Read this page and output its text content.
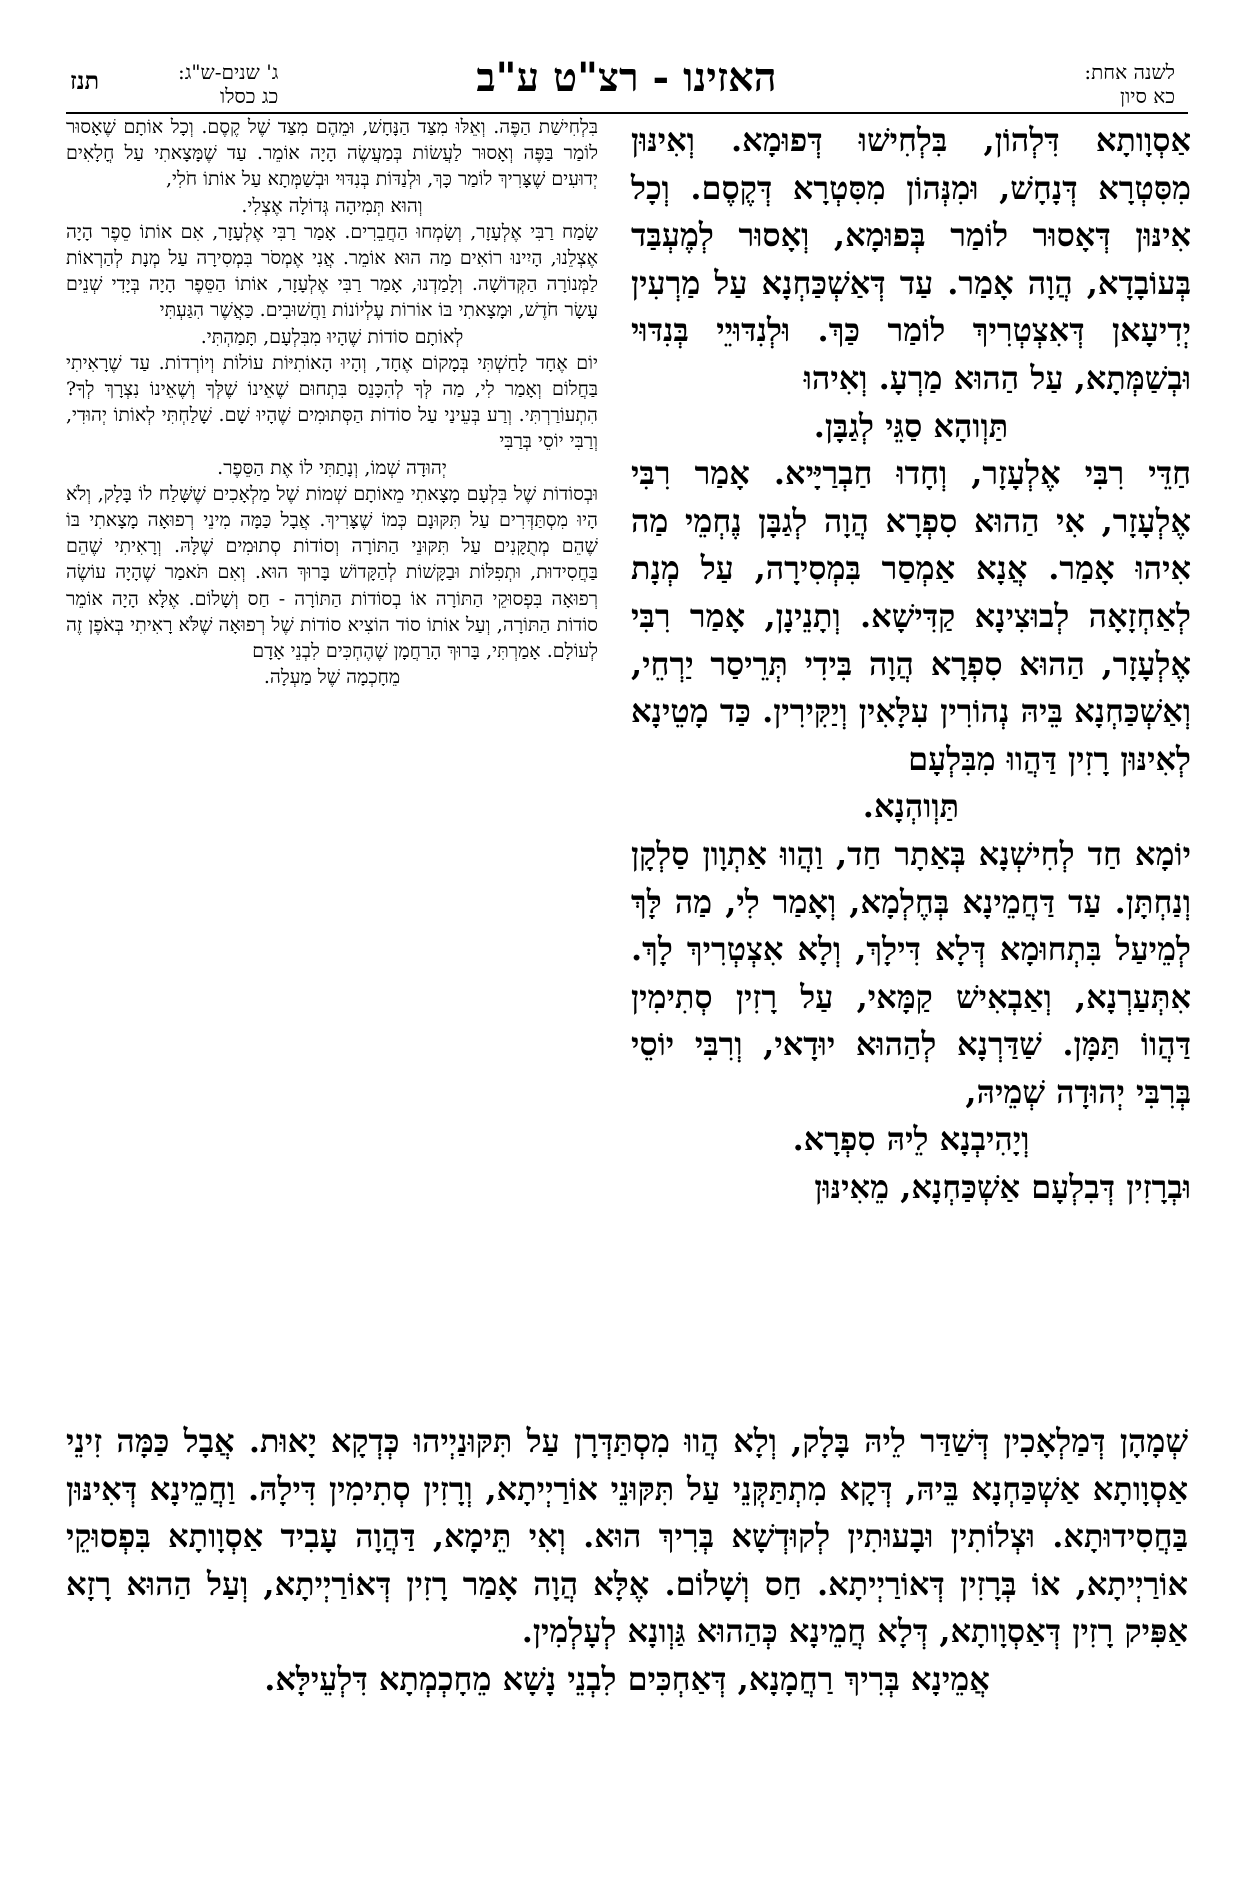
לשנה אחת:
כא סיון
האזינו - רצ"ט ע"ב
ג' שנים-ש"ג:
כג כסלו
תנז

אַסְוָותָא דִּלְהוֹן, בִּלְחִישׁוּ דְּפוּמָא. וְאִינּוּן מִסִּטְרָא דְּנָחָשׁ, וּמִנְּהוֹן מִסִּטְרָא דְּקֶסֶם. וְכָל אִינּוּן דְּאָסוּר לוֹמַר בְּפוּמָא, וְאָסוּר לְמֶעְבַּד בְּעוֹבָדָא, הֲוָה אָמַר. עַד דְּאַשְׁכַּחְנָא עַל מַרְעִין יְדִיעָאן דְּאִצְטְרִיךְ לוֹמַר כַּךְ. וּלְנִדּוּיֵי בְּנִדּוּי וּבְשַׁמְּתָא, עַל הַהוּא מַרְעָ. וְאִיהוּ

תַּוְוהָא סַגֵּי לְגַבָּן.

חַדֵּי רִבִּי אֶלְעָזָר, וְחָדוּ חַבְרַיָּיא. אָמַר רִבִּי אֶלְעָזָר, אִי הַהוּא סִפְרָא הֲוָה לְגַבָּן נֶחְמֵי מַה אִיהוּ אָמַר. אֲנָא אַמְסַר בִּמְסִירָה, עַל מְנָת לְאַחְזָאָה לְבוּצִינָא קַדִּישָׁא. וְתָנֵינָן, אָמַר רִבִּי אֶלְעָזָר, הַהוּא סִפְרָא הֲוָה בִּידִי תְּרֵיסַר יַרְחֵי, וְאַשְׁכַּחְנָא בֵּיהּ נְהוֹרִין עִלָּאִין וְיַקִּירִין. כַּד מָטֵינָא לְאִינּוּן רָזִין דַּהֲווּ מִבִּלְעָם

תַּוְוהְנָא.

יוֹמָא חַד לְחִישְׁנָא בְּאַתָר חַד, וַהֲווּ אַתְוָון סַלְקָן וְנַחְתָּן. עַד דַּחֲמֵינָא בְּחֶלְמָא, וְאָמַר לִי, מַה לָּךְ לְמֵיעַל בִּתְחוּמָא דְּלָא דִּילָךְ, וְלָא אִצְטְרִיךְ לָךְ. אִתְּעַרְנָא, וְאַבְאִישׁ קַמָּאי, עַל רָזִין סְתִימִין דַּהֲווֹ תַּמָּן. שַׁדַּרְנָא לְהַהוּא יוּדָאי, וְרִבִּי יוֹסֵי בְּרִבִּי יְהוּדָה שְׁמֵיהּ,

וְיָהִיבְנָא לֵיהּ סִפְרָא.

וּבְרָזִין דְּבִלְעָם אַשְׁכַּחְנָא, מֵאִינּוּן

בִּלְחִישַׁת הַפֶּה. וְאֵלּוּ מִצַּד הַנָּחָשׁ, וּמֵהֶם מִצַּד שֶׁל קֶסֶם. וְכָל אוֹתָם שֶׁאָסוּר לוֹמַר בַּפֶּה וְאָסוּר לַעֲשׂוֹת בְּמַעֲשֶׂה הָיָה אוֹמֵר. עַד שֶׁמָּצָאתִי עַל חֳלָאִים יְדוּעִים שֶׁצָּרִיךְ לוֹמַר כָּךְ, וּלְנַדּוֹת בְּנִדּוּי וּבְשַׁמְּתָא עַל אוֹתוֹ חֹלִי,

וְהוּא תְּמִיהָה גְּדוֹלָה אֶצְלִי.

שָׂמַח רַבִּי אֶלְעָזָר, וְשָׂמְחוּ הַחֲבֵרִים. אָמַר רַבִּי אֶלְעָזָר, אִם אוֹתוֹ סֵפֶר הָיָה אֶצְלֵנוּ, הָיִינוּ רוֹאִים מַה הוּא אוֹמֵר. אֲנִי אֶמְסֹר בִּמְסִירָה עַל מְנָת לְהַרְאוֹת לַמְּנוֹרָה הַקְּדוֹשָׁה. וְלָמַדְנוּ, אָמַר רַבִּי אֶלְעָזָר, אוֹתוֹ הַסֵּפֶר הָיָה בְּיָדִי שְׁנֵים עָשָׂר חֹדֶשׁ, וּמָצָאתִי בּוֹ אוֹרוֹת עֶלְיוֹנוֹת וַחֲשׁוּבִים. כַּאֲשֶׁר הִגַּעְתִּי

לְאוֹתָם סוֹדוֹת שֶׁהָיוּ מִבִּלְעָם, תָּמַהְתִּי.

יוֹם אֶחָד לָחַשְׁתִּי בְּמָקוֹם אֶחָד, וְהָיוּ הָאוֹתִיּוֹת עוֹלוֹת וְיוֹרְדוֹת. עַד שֶׁרָאִיתִי בַּחֲלוֹם וְאָמַר לִי, מַה לְּךָ לְהִכָּנֵס בִּתְחוּם שֶׁאֵינוֹ שֶׁלְּךָ וְשֶׁאֵינוֹ נִצְרָךְ לְךָ? הִתְעוֹרַרְתִּי. וְרַע בְּעֵינַי עַל סוֹדוֹת הַסְּתוּמִים שֶׁהָיוּ שָׁם. שָׁלַחְתִּי לְאוֹתוֹ יְהוּדִי, וְרַבִּי יוֹסֵי בְּרַבִּי

יְהוּדָה שְׁמוֹ, וְנָתַתִּי לוֹ אֶת הַסֵּפֶר.

וּבְסוֹדוֹת שֶׁל בִּלְעָם מָצָאתִי מֵאוֹתָם שְׁמוֹת שֶׁל מַלְאָכִים שֶׁשָּׁלַח לוֹ בָּלָק, וְלֹא הָיוּ מִסְתַּדְּרִים עַל תִּקּוּנָם כְּמוֹ שֶׁצָּרִיךְ. אֲבָל כַּמָּה מִינֵי רְפוּאָה מָצָאתִי בּוֹ שֶׁהֵם מְתֻקָּנִים עַל תִּקּוּנֵי הַתּוֹרָה וְסוֹדוֹת סְתוּמִים שֶׁלָּהּ. וְרָאִיתִי שֶׁהֵם בַּחֲסִידוּת, וּתְפִלּוֹת וּבַקָּשׁוֹת לְהַקָּדוֹשׁ בָּרוּךְ הוּא. וְאִם תֹּאמַר שֶׁהָיָה עוֹשֶׂה רְפוּאָה בִּפְסוּקֵי הַתּוֹרָה אוֹ בְסוֹדוֹת הַתּוֹרָה - חַס וְשָׁלוֹם. אֶלָּא הָיָה אוֹמֵר סוֹדוֹת הַתּוֹרָה, וְעַל אוֹתוֹ סוֹד הוֹצִיא סוֹדוֹת שֶׁל רְפוּאָה שֶׁלֹּא רָאִיתִי בְּאֹפֶן זֶה לְעוֹלָם. אָמַרְתִּי, בָּרוּךְ הָרַחֲמָן שֶׁהֶחְכִּים לִבְנֵי אָדָם

מֵחָכְמָה שֶׁל מַעְלָה.

שְׁמָהָן דְּמַלְאָכִין דְּשַׁדַּר לֵיהּ בָּלָק, וְלָא הֲווּ מִסְתַּדְּרָן עַל תִּקּוּנַיְיהוּ כְּדְקָא יָאוּת. אֲבָל כַּמָּה זִינֵי אַסְוָותָא אַשְׁכַּחְנָא בֵּיהּ, דְּקָא מִתְתַּקְּנֵי עַל תִּקּוּנֵי אוֹרַיְיתָא, וְרָזִין סְתִימִין דִּילָהּ. וַחֲמֵינָא דְּאִינּוּן בַּחֲסִידוּתָא. וּצְלוֹתִין וּבָעוּתִין לְקוּדְשָׁא בְּרִיךְ הוּא. וְאִי תֵּימָא, דַּהֲוָה עָבִיד אַסְוָותָא בִּפְסוּקֵי אוֹרַיְיתָא, אוֹ בְּרָזִין דְּאוֹרַיְיתָא. חַס וְשָׁלוֹם. אֶלָּא הֲוָה אָמַר רָזִין דְּאוֹרַיְיתָא, וְעַל הַהוּא רָזָא אַפִּיק רָזִין דְּאַסְוָותָא, דְּלָא חֲמֵינָא כְּהַהוּא גַּוְונָא לְעָלְמִין.

אֲמֵינָא בְּרִיךְ רַחֲמָנָא, דְּאַחְכִּים לִבְנֵי נָשָׁא מֵחָכְמְתָא דִּלְעֵילָּא.
